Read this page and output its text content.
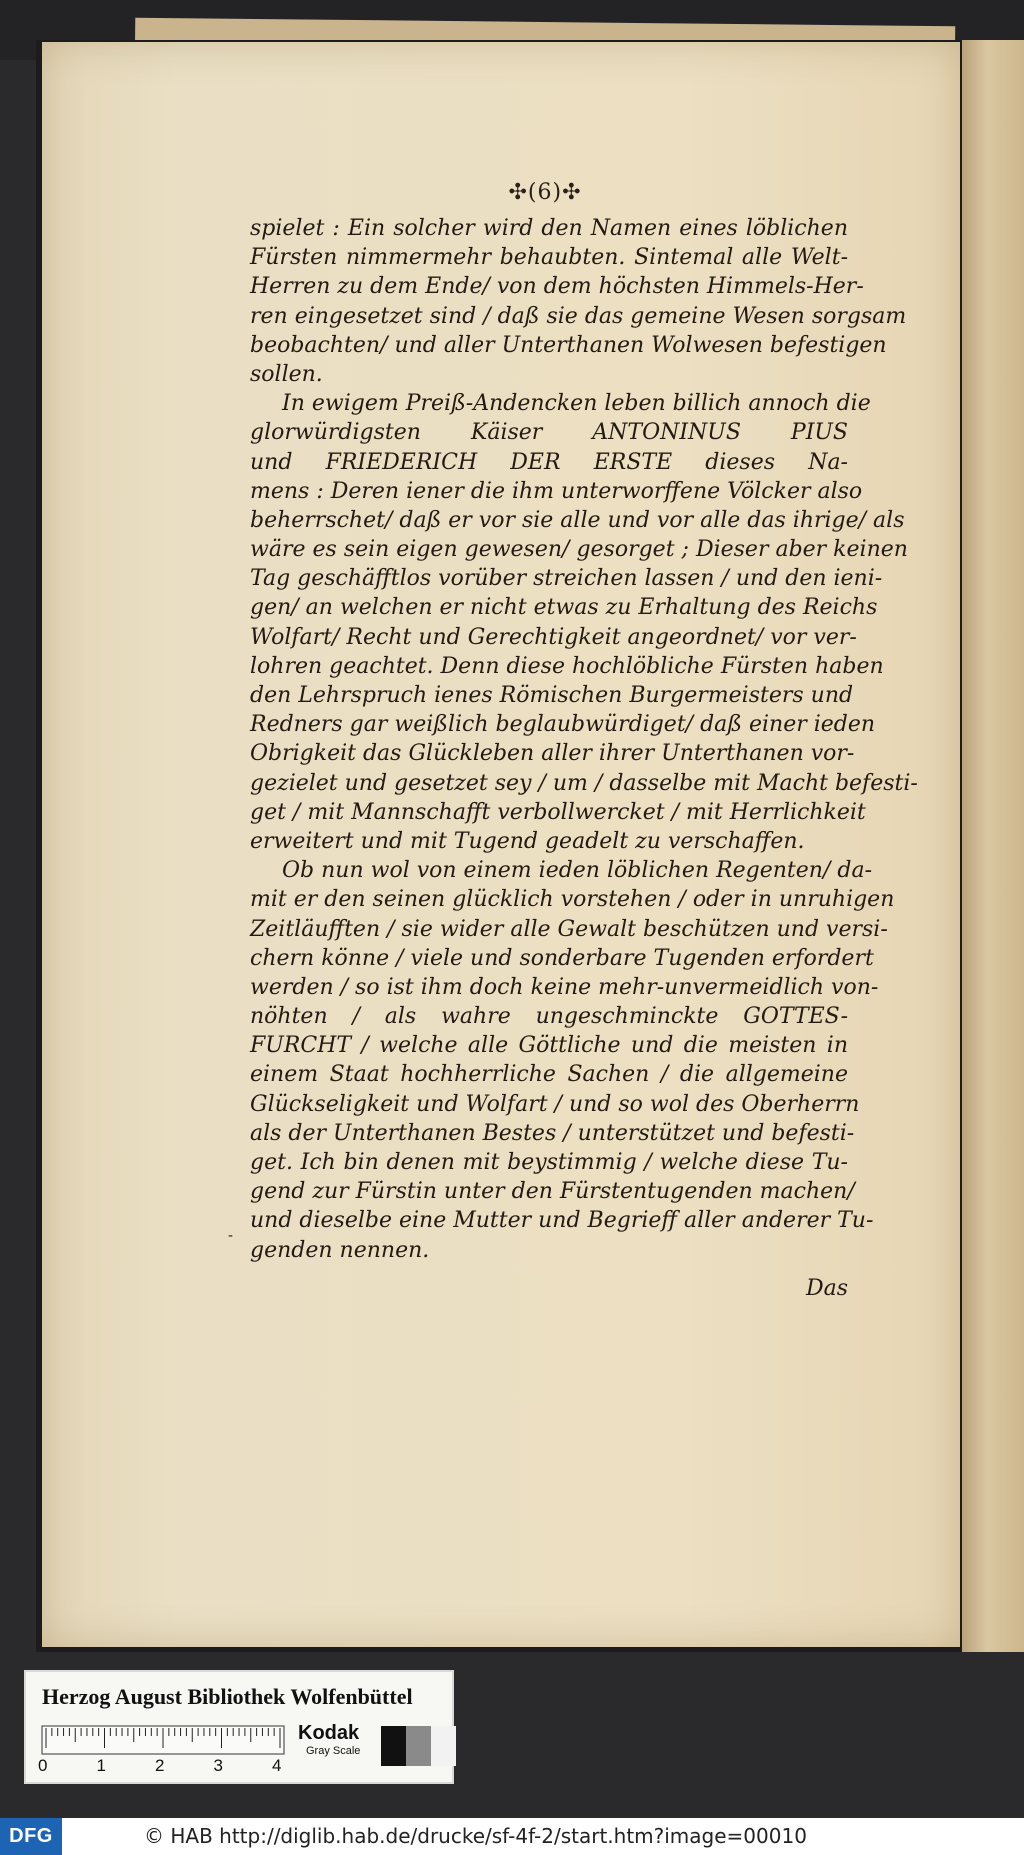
✣(6)✣
spielet : Ein solcher wird den Namen eines löblichen
Fürsten nimmermehr behaubten. Sintemal alle Welt-
Herren zu dem Ende/ von dem höchsten Himmels-Her-
ren eingesetzet sind / daß sie das gemeine Wesen sorgsam
beobachten/ und aller Unterthanen Wolwesen befestigen
sollen.
In ewigem Preiß-Andencken leben billich annoch die
glorwürdigsten Käiser ANTONINUS PIUS
und FRIEDERICH DER ERSTE dieses Na-
mens : Deren iener die ihm unterworffene Völcker also
beherrschet/ daß er vor sie alle und vor alle das ihrige/ als
wäre es sein eigen gewesen/ gesorget ; Dieser aber keinen
Tag geschäfftlos vorüber streichen lassen / und den ieni-
gen/ an welchen er nicht etwas zu Erhaltung des Reichs
Wolfart/ Recht und Gerechtigkeit angeordnet/ vor ver-
lohren geachtet. Denn diese hochlöbliche Fürsten haben
den Lehrspruch ienes Römischen Burgermeisters und
Redners gar weißlich beglaubwürdiget/ daß einer ieden
Obrigkeit das Glückleben aller ihrer Unterthanen vor-
gezielet und gesetzet sey / um / dasselbe mit Macht befesti-
get / mit Mannschafft verbollwercket / mit Herrlichkeit
erweitert und mit Tugend geadelt zu verschaffen.
Ob nun wol von einem ieden löblichen Regenten/ da-
mit er den seinen glücklich vorstehen / oder in unruhigen
Zeitläufften / sie wider alle Gewalt beschützen und versi-
chern könne / viele und sonderbare Tugenden erfordert
werden / so ist ihm doch keine mehr-unvermeidlich von-
nöhten / als wahre ungeschminckte GOTTES-
FURCHT / welche alle Göttliche und die meisten in
einem Staat hochherrliche Sachen / die allgemeine
Glückseligkeit und Wolfart / und so wol des Oberherrn
als der Unterthanen Bestes / unterstützet und befesti-
get. Ich bin denen mit beystimmig / welche diese Tu-
gend zur Fürstin unter den Fürstentugenden machen/
und dieselbe eine Mutter und Begrieff aller anderer Tu-
genden nennen.
-
Das
Herzog August Bibliothek Wolfenbüttel
0	1	2	3	4
Kodak
Gray Scale
DFG	© HAB http://diglib.hab.de/drucke/sf-4f-2/start.htm?image=00010
